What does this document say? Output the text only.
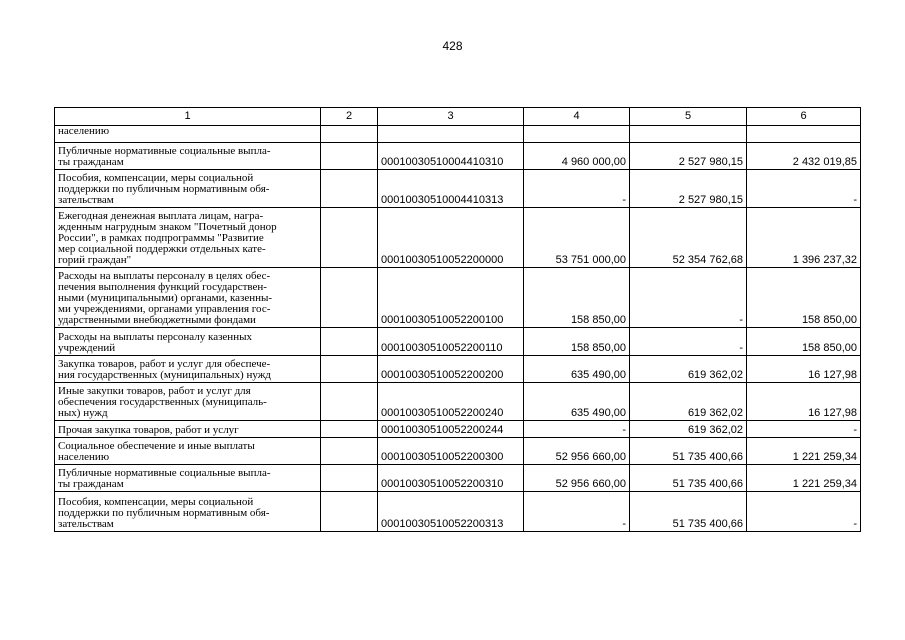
428
1	2	3	4	5	6
населению					
Публичные нормативные социальные выпла-
ты гражданам		00010030510004410310	4 960 000,00	2 527 980,15	2 432 019,85
Пособия, компенсации, меры социальной
поддержки по публичным нормативным обя-
зательствам		00010030510004410313	-	2 527 980,15	-
Ежегодная денежная выплата лицам, награ-
жденным нагрудным знаком "Почетный донор
России", в рамках подпрограммы "Развитие
мер социальной поддержки отдельных кате-
горий граждан"		00010030510052200000	53 751 000,00	52 354 762,68	1 396 237,32
Расходы на выплаты персоналу в целях обес-
печения выполнения функций государствен-
ными (муниципальными) органами, казенны-
ми учреждениями, органами управления гос-
ударственными внебюджетными фондами		00010030510052200100	158 850,00	-	158 850,00
Расходы на выплаты персоналу казенных
учреждений		00010030510052200110	158 850,00	-	158 850,00
Закупка товаров, работ и услуг для обеспече-
ния государственных (муниципальных) нужд		00010030510052200200	635 490,00	619 362,02	16 127,98
Иные закупки товаров, работ и услуг для
обеспечения государственных (муниципаль-
ных) нужд		00010030510052200240	635 490,00	619 362,02	16 127,98
Прочая закупка товаров, работ и услуг		00010030510052200244	-	619 362,02	-
Социальное обеспечение и иные выплаты
населению		00010030510052200300	52 956 660,00	51 735 400,66	1 221 259,34
Публичные нормативные социальные выпла-
ты гражданам		00010030510052200310	52 956 660,00	51 735 400,66	1 221 259,34
Пособия, компенсации, меры социальной
поддержки по публичным нормативным обя-
зательствам		00010030510052200313	-	51 735 400,66	-
